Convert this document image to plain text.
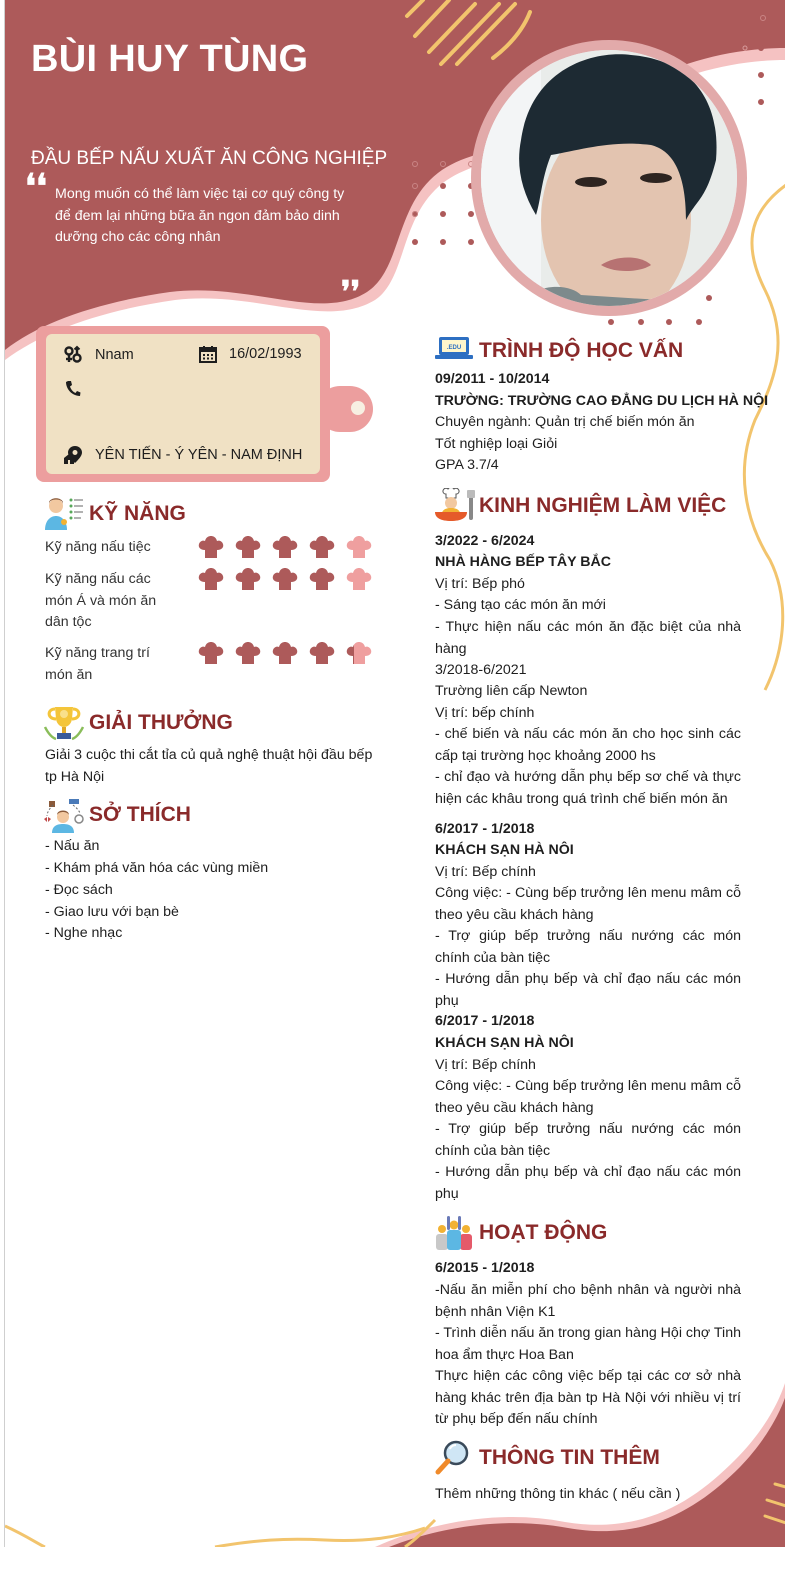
BÙI HUY TÙNG
ĐẦU BẾP NẤU XUẤT ĂN CÔNG NGHIỆP
❛❛ Mong muốn có thể làm việc tại cơ quý công ty để đem lại những bữa ăn ngon đảm bảo dinh dưỡng cho các công nhân
❜❜
Nnam	16/02/1993
YÊN TIẾN - Ý YÊN - NAM ĐỊNH
KỸ NĂNG
Kỹ năng nấu tiệc
Kỹ năng nấu các món Á và món ăn dân tộc
Kỹ năng trang trí món ăn
GIẢI THƯỞNG
Giải 3 cuộc thi cắt tỉa củ quả nghệ thuật hội đầu bếp tp Hà Nội
SỞ THÍCH
- Nấu ăn
- Khám phá văn hóa các vùng miền
- Đọc sách
- Giao lưu với bạn bè
- Nghe nhạc
.EDU TRÌNH ĐỘ HỌC VẤN
09/2011 - 10/2014
TRƯỜNG: TRƯỜNG CAO ĐẲNG DU LỊCH HÀ NỘI
Chuyên ngành: Quản trị chế biến món ăn
Tốt nghiệp loại Giỏi
GPA 3.7/4
KINH NGHIỆM LÀM VIỆC
3/2022 - 6/2024
NHÀ HÀNG BẾP TÂY BẮC
Vị trí: Bếp phó
- Sáng tạo các món ăn mới
- Thực hiện nấu các món ăn đặc biệt của nhà hàng
3/2018-6/2021
Trường liên cấp Newton
Vị trí: bếp chính
- chế biến và nấu các món ăn cho học sinh các cấp tại trường học khoảng 2000 hs
- chỉ đạo và hướng dẫn phụ bếp sơ chế và thực hiện các khâu trong quá trình chế biến món ăn
6/2017 - 1/2018
KHÁCH SẠN HÀ NÔI
Vị trí: Bếp chính
Công việc: - Cùng bếp trưởng lên menu mâm cỗ theo yêu cầu khách hàng
- Trợ giúp bếp trưởng nấu nướng các món chính của bàn tiệc
- Hướng dẫn phụ bếp và chỉ đạo nấu các món phụ
6/2017 - 1/2018
KHÁCH SẠN HÀ NÔI
Vị trí: Bếp chính
Công việc: - Cùng bếp trưởng lên menu mâm cỗ theo yêu cầu khách hàng
- Trợ giúp bếp trưởng nấu nướng các món chính của bàn tiệc
- Hướng dẫn phụ bếp và chỉ đạo nấu các món phụ
HOẠT ĐỘNG
6/2015 - 1/2018
-Nấu ăn miễn phí cho bệnh nhân và người nhà bệnh nhân Viện K1
- Trình diễn nấu ăn trong gian hàng Hội chợ Tinh hoa ẩm thực Hoa Ban
Thực hiện các công việc bếp tại các cơ sở nhà hàng khác trên địa bàn tp Hà Nội với nhiều vị trí từ phụ bếp đến nấu chính
THÔNG TIN THÊM
Thêm những thông tin khác ( nếu cần )
